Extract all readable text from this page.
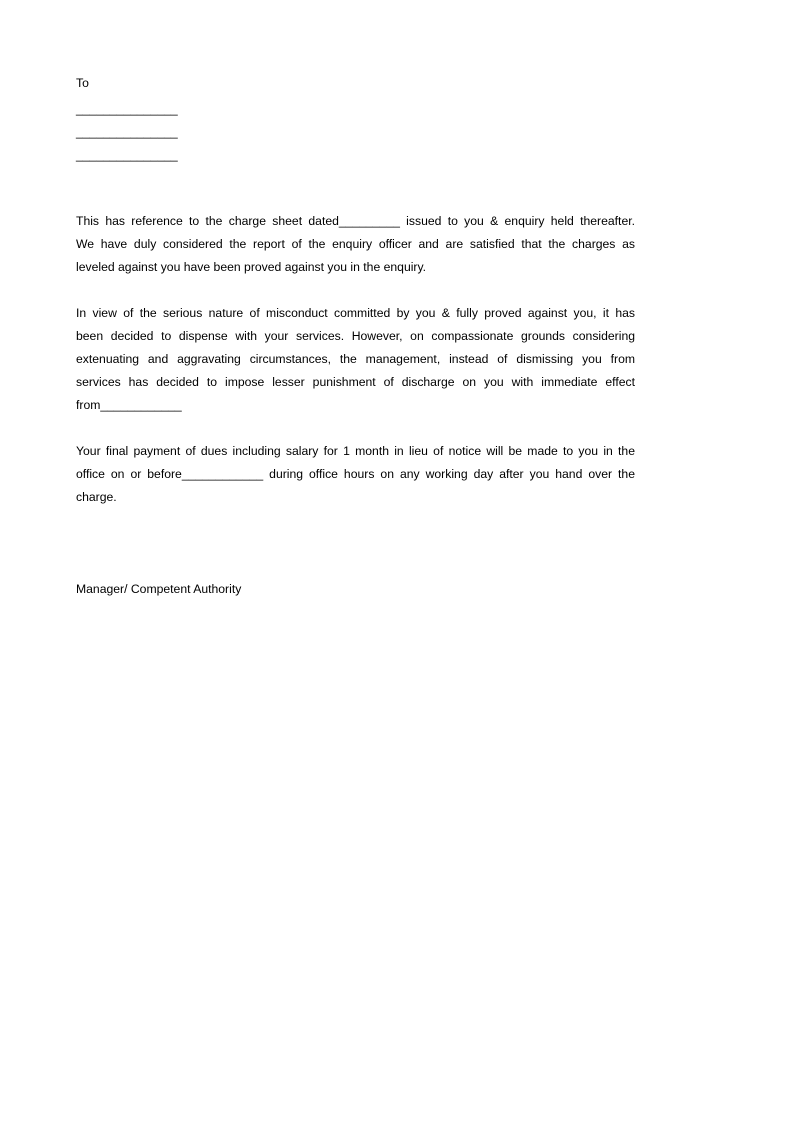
To
_______________
_______________
_______________
This has reference to the charge sheet dated_________ issued to you & enquiry held thereafter.
We have duly considered the report of the enquiry officer and are satisfied that the charges as
leveled against you have been proved against you in the enquiry.
In view of the serious nature of misconduct committed by you & fully proved against you, it has
been decided to dispense with your services. However, on compassionate grounds considering
extenuating and aggravating circumstances, the management, instead of dismissing you from
services has decided to impose lesser punishment of discharge on you with immediate effect
from____________
Your final payment of dues including salary for 1 month in lieu of notice will be made to you in the
office on or before____________ during office hours on any working day after you hand over the
charge.
Manager/ Competent Authority
